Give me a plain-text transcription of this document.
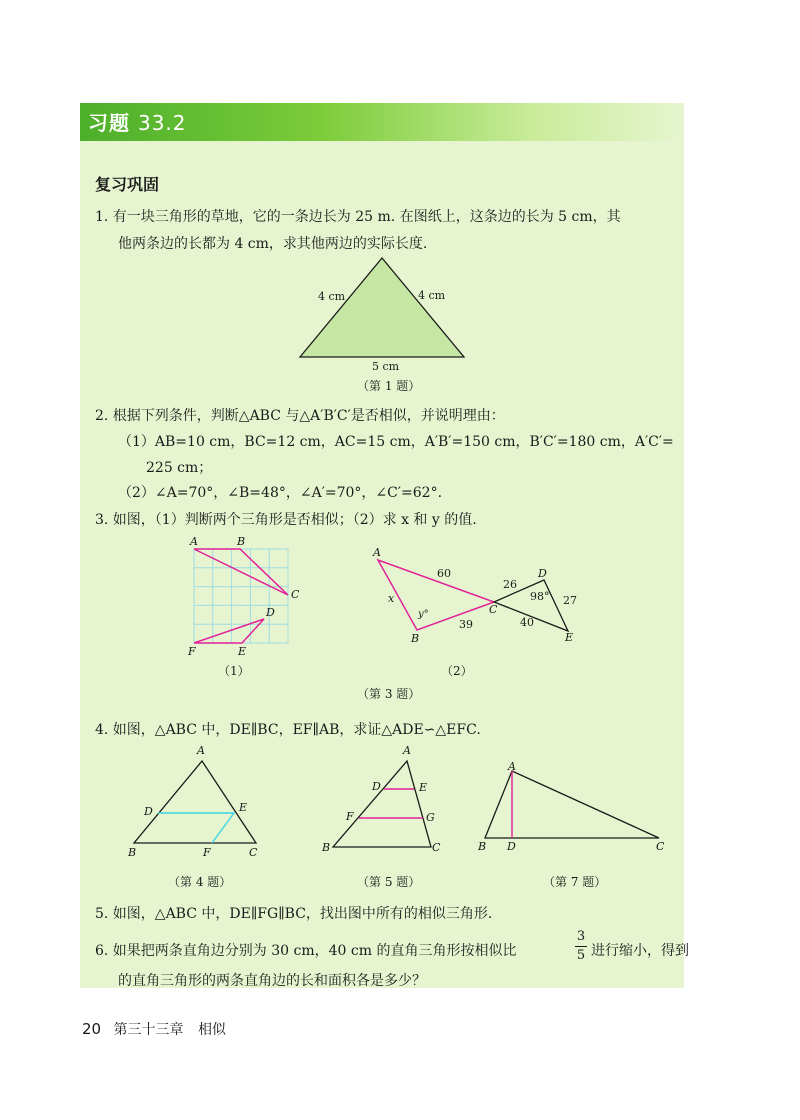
习题 33.2
复习巩固
1. 有一块三角形的草地，它的一条边长为 25 m. 在图纸上，这条边的长为 5 cm，其
他两条边的长都为 4 cm，求其他两边的实际长度.
4 cm	4 cm
5 cm
（第 1 题）
2. 根据下列条件，判断△ABC 与△A′B′C′是否相似，并说明理由：
（1）AB=10 cm，BC=12 cm，AC=15 cm，A′B′=150 cm，B′C′=180 cm，A′C′=
225 cm；
（2）∠A=70°，∠B=48°，∠A′=70°，∠C′=62°.
3. 如图，（1）判断两个三角形是否相似；（2）求 x 和 y 的值.
A	B
C
D
E
F
（1）
A
B
C
D
E
60
26
98° 27
x
y°
39	40
（2）
（第 3 题）
4. 如图，△ABC 中，DE∥BC，EF∥AB，求证△ADE∽△EFC.
A
D	E
B	F	C
（第 4 题）
A
D	E
F	G
B	C
（第 5 题）
A
B D	C
（第 7 题）
5. 如图，△ABC 中，DE∥FG∥BC，找出图中所有的相似三角形.
6. 如果把两条直角边分别为 30 cm，40 cm 的直角三角形按相似比
3
5 进行缩小，得到
的直角三角形的两条直角边的长和面积各是多少？
20 第三十三章 相似
